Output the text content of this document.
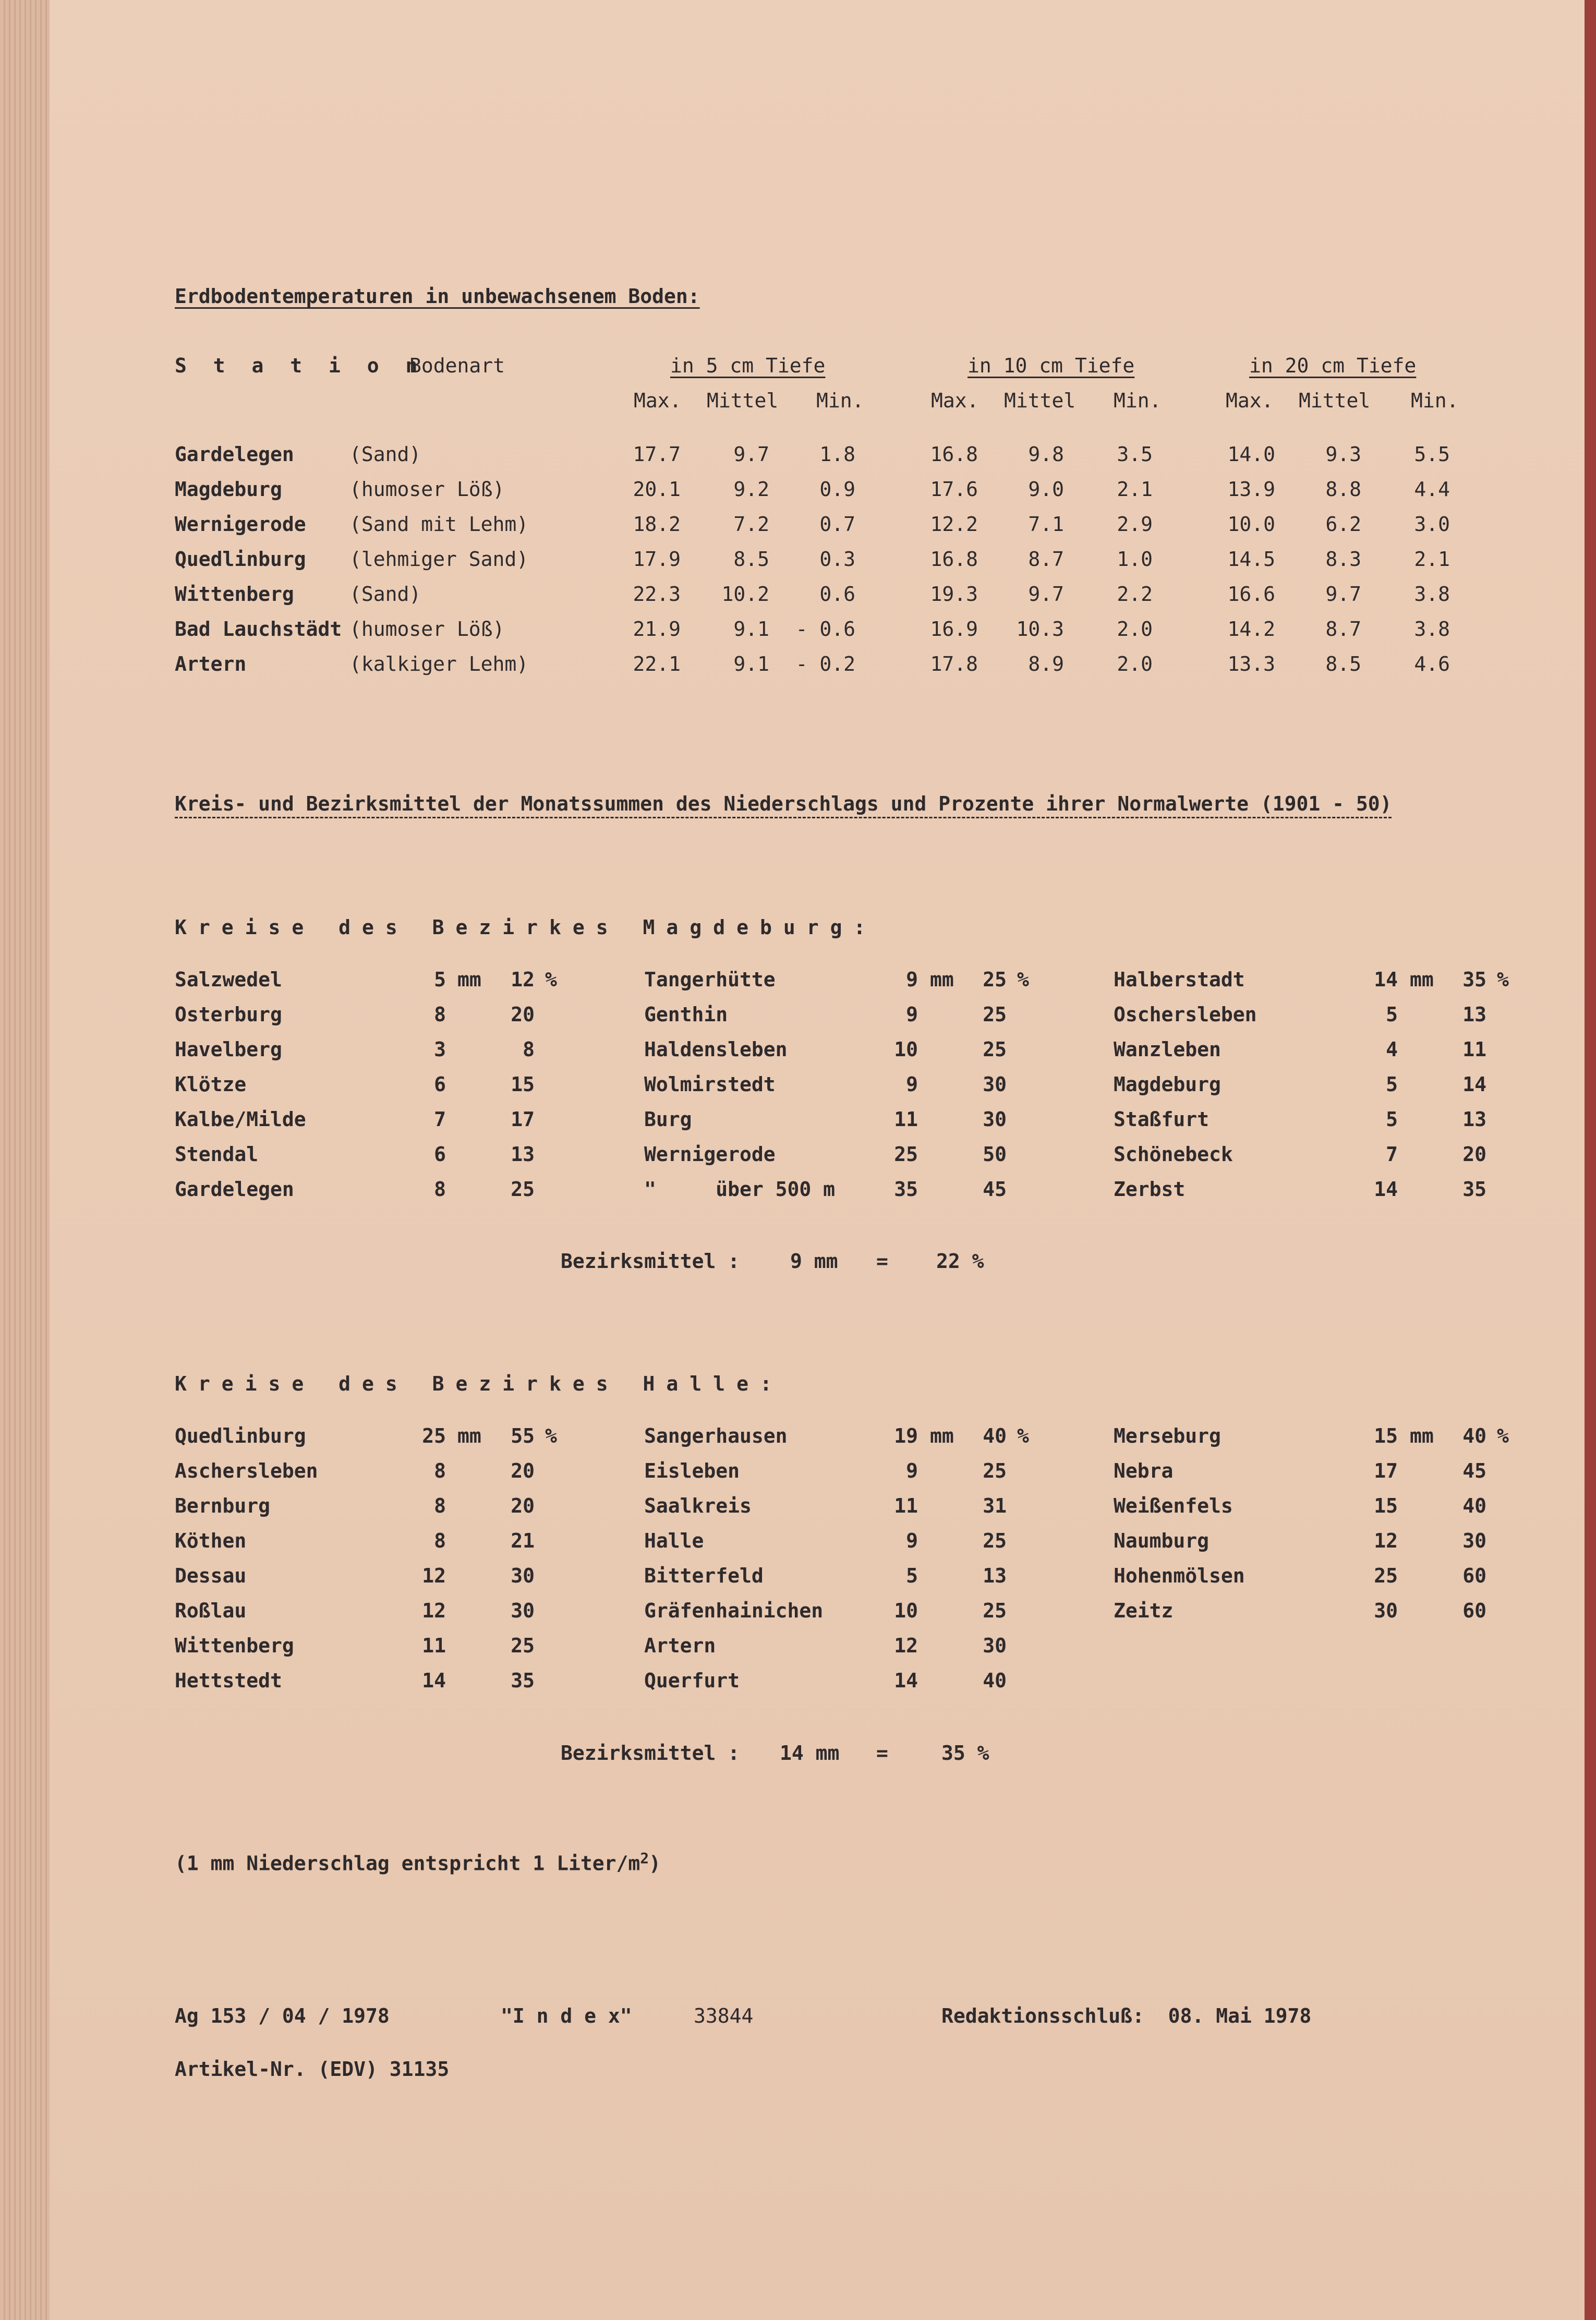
Erdbodentemperaturen in unbewachsenem Boden:
S t a t i o n
Bodenart	in 5 cm Tiefe	in 10 cm Tiefe	in 20 cm Tiefe
Max. Mittel Min.	Max. Mittel Min.	Max. Mittel Min.
Gardelegen	(Sand)	17.7	9.7	1.8	16.8	9.8	3.5	14.0	9.3	5.5
Magdeburg	(humoser Löß)	20.1	9.2	0.9	17.6	9.0	2.1	13.9	8.8	4.4
Wernigerode (Sand mit Lehm)	18.2	7.2	0.7	12.2	7.1	2.9	10.0	6.2	3.0
Quedlinburg (lehmiger Sand)	17.9	8.5	0.3	16.8	8.7	1.0	14.5	8.3	2.1
Wittenberg	(Sand)	22.3	10.2	0.6	19.3	9.7	2.2	16.6	9.7	3.8
Bad Lauchstädt (humoser Löß)	21.9	9.1	- 0.6	16.9	10.3	2.0	14.2	8.7	3.8
Artern	(kalkiger Lehm)	22.1	9.1	- 0.2	17.8	8.9	2.0	13.3	8.5	4.6
Kreis- und Bezirksmittel der Monatssummen des Niederschlags und Prozente ihrer Normalwerte (1901 - 50)
Kreise des Bezirkes Magdeburg:
Salzwedel	5 mm	12 %
Osterburg	8	20
Havelberg	3	8
Klötze	6	15
Kalbe/Milde	7	17
Stendal	6	13
Gardelegen	8	25
Tangerhütte	9 mm	25 %
Genthin	9	25
Haldensleben	10	25
Wolmirstedt	9	30
Burg	11	30
Wernigerode	25	50
"     über 500 m	35	45
Halberstadt	14 mm	35 %
Oschersleben	5	13
Wanzleben	4	11
Magdeburg	5	14
Staßfurt	5	13
Schönebeck	7	20
Zerbst	14	35
Bezirksmittel :	9 mm = 22 %
Kreise des Bezirkes Halle:
Quedlinburg	25 mm	55 %
Aschersleben	8	20
Bernburg	8	20
Köthen	8	21
Dessau	12	30
Roßlau	12	30
Wittenberg	11	25
Hettstedt	14	35
Sangerhausen	19 mm	40 %
Eisleben	9	25
Saalkreis	11	31
Halle	9	25
Bitterfeld	5	13
Gräfenhainichen	10	25
Artern	12	30
Querfurt	14	40
Merseburg	15 mm	40 %
Nebra	17	45
Weißenfels	15	40
Naumburg	12	30
Hohenmölsen	25	60
Zeitz	30	60
Bezirksmittel : 14 mm =	35 %
(1 mm Niederschlag entspricht 1 Liter/$m^2$)
Ag 153 / 04 / 1978	"I n d e x"	33844	Redaktionsschluß:  08. Mai 1978
Artikel-Nr. (EDV) 31135
